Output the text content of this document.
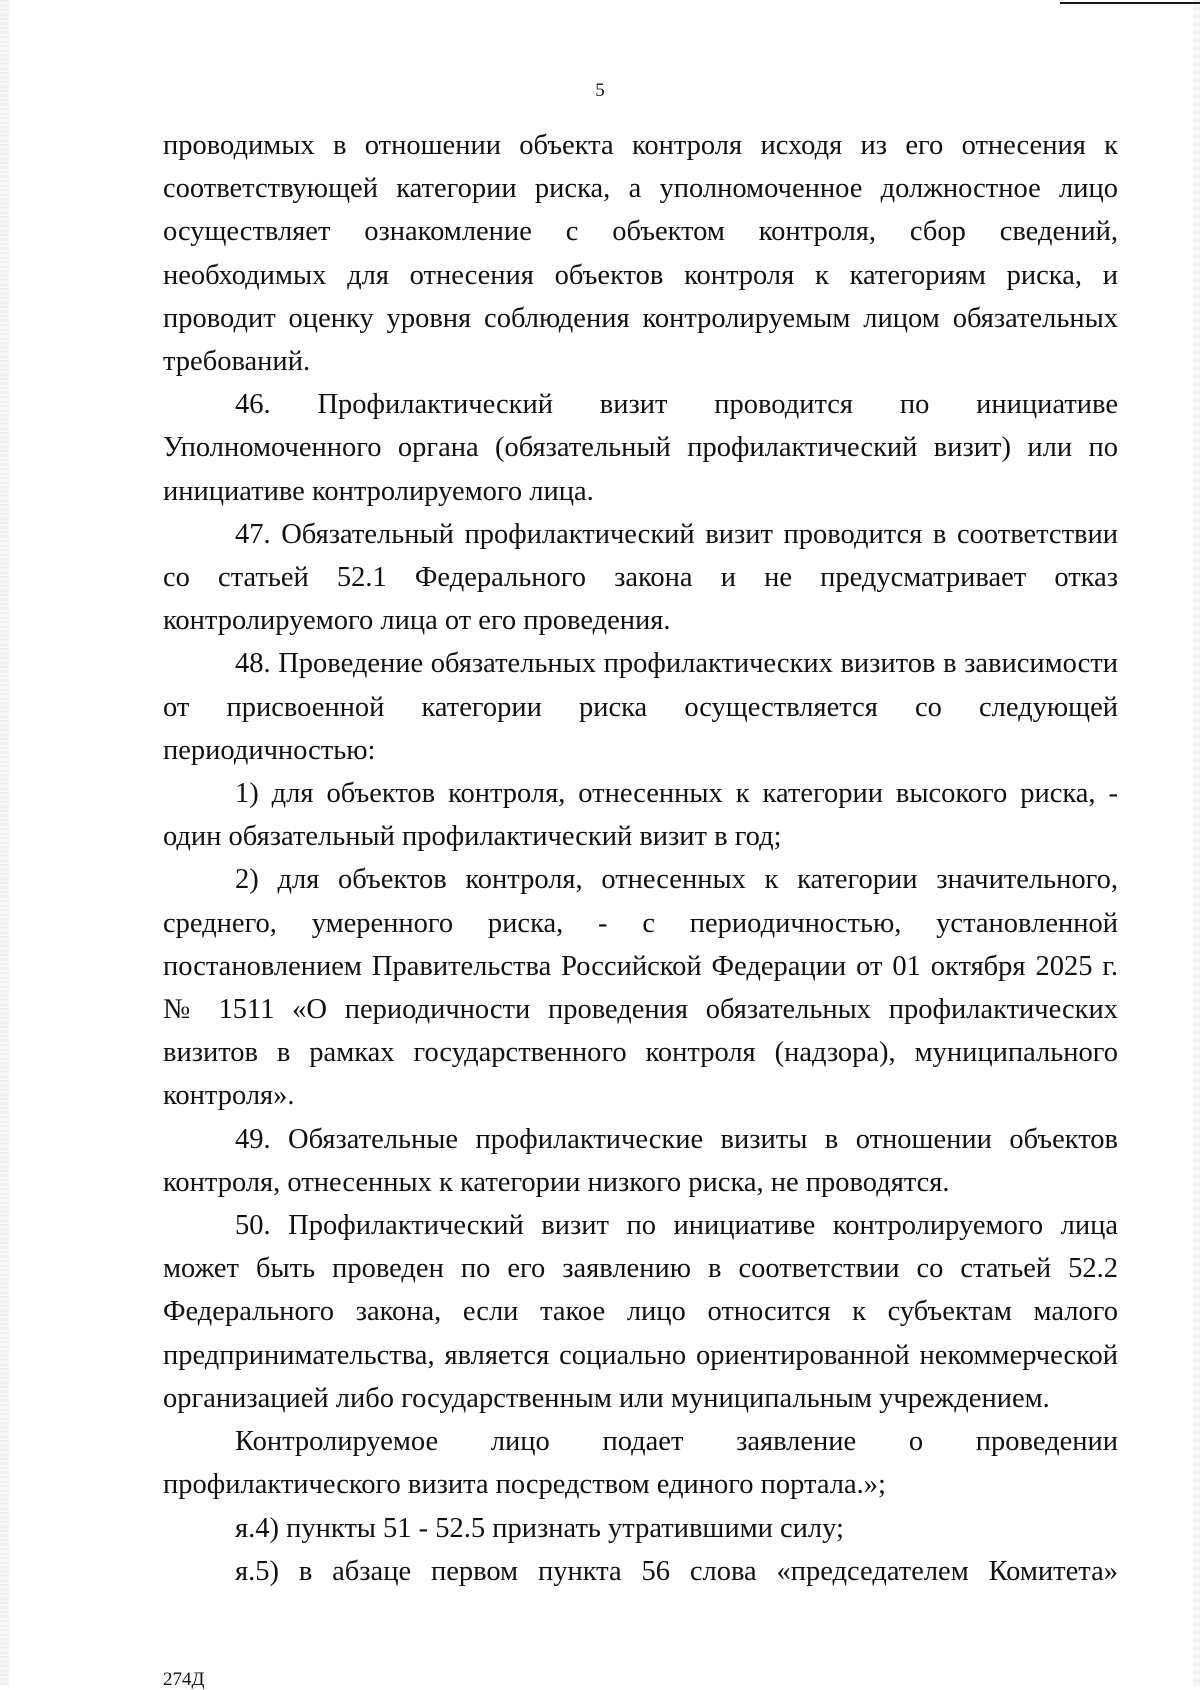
5

проводимых в отношении объекта контроля исходя из его отнесения к соответствующей категории риска, а уполномоченное должностное лицо осуществляет ознакомление с объектом контроля, сбор сведений, необходимых для отнесения объектов контроля к категориям риска, и проводит оценку уровня соблюдения контролируемым лицом обязательных требований.

46. Профилактический визит проводится по инициативе Уполномоченного органа (обязательный профилактический визит) или по инициативе контролируемого лица.

47. Обязательный профилактический визит проводится в соответствии со статьей 52.1 Федерального закона и не предусматривает отказ контролируемого лица от его проведения.

48. Проведение обязательных профилактических визитов в зависимости от присвоенной категории риска осуществляется со следующей периодичностью:

1) для объектов контроля, отнесенных к категории высокого риска, - один обязательный профилактический визит в год;

2) для объектов контроля, отнесенных к категории значительного, среднего, умеренного риска, - с периодичностью, установленной постановлением Правительства Российской Федерации от 01 октября 2025 г. № 1511 «О периодичности проведения обязательных профилактических визитов в рамках государственного контроля (надзора), муниципального контроля».

49. Обязательные профилактические визиты в отношении объектов контроля, отнесенных к категории низкого риска, не проводятся.

50. Профилактический визит по инициативе контролируемого лица может быть проведен по его заявлению в соответствии со статьей 52.2 Федерального закона, если такое лицо относится к субъектам малого предпринимательства, является социально ориентированной некоммерческой организацией либо государственным или муниципальным учреждением.

Контролируемое лицо подает заявление о проведении профилактического визита посредством единого портала.»;

я.4) пункты 51 - 52.5 признать утратившими силу;

я.5) в абзаце первом пункта 56 слова «председателем Комитета»

274Д
